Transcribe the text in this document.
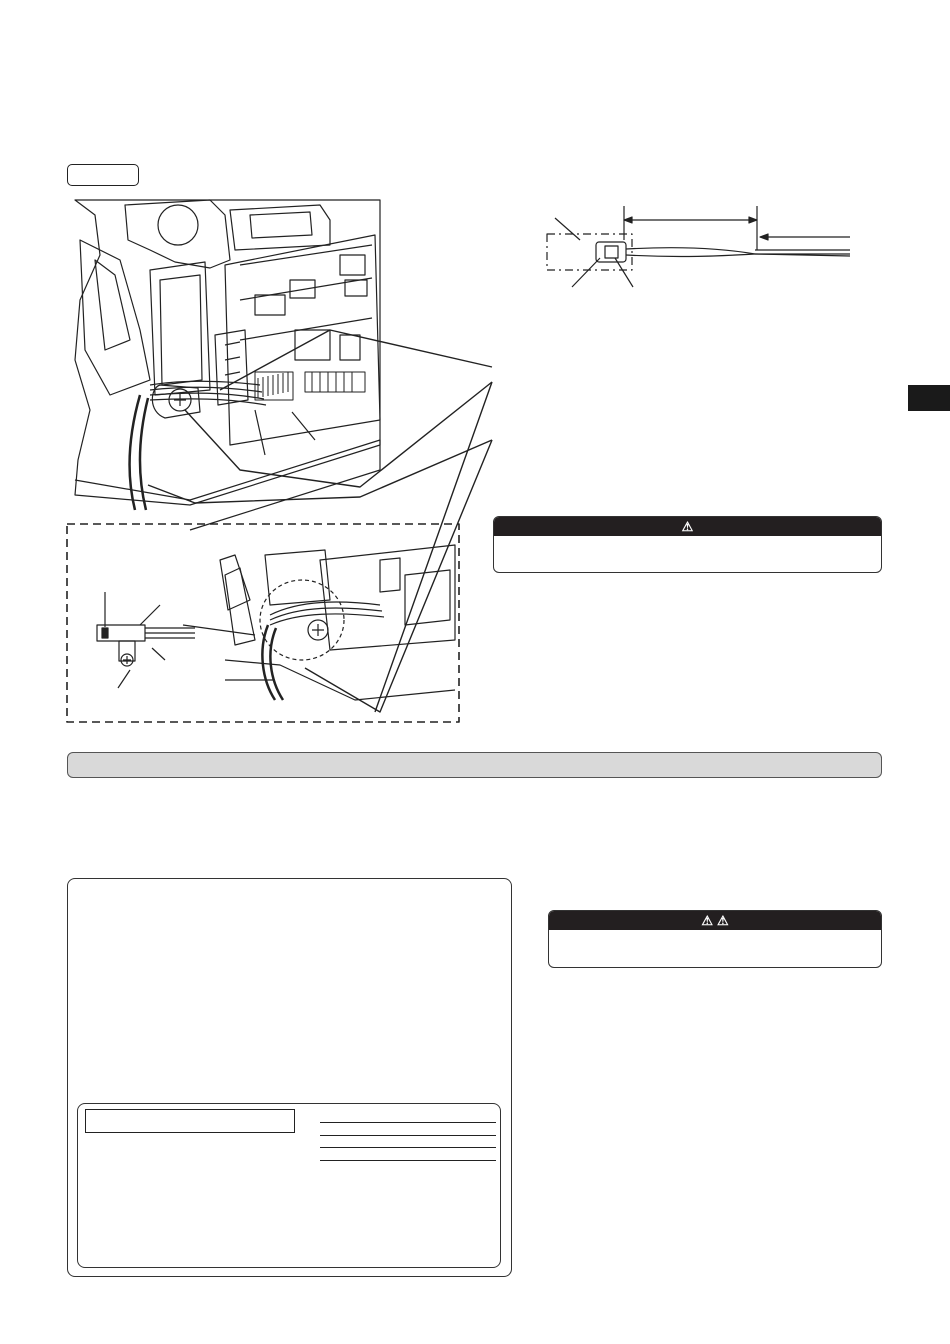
⚠
⚠ ⚠
